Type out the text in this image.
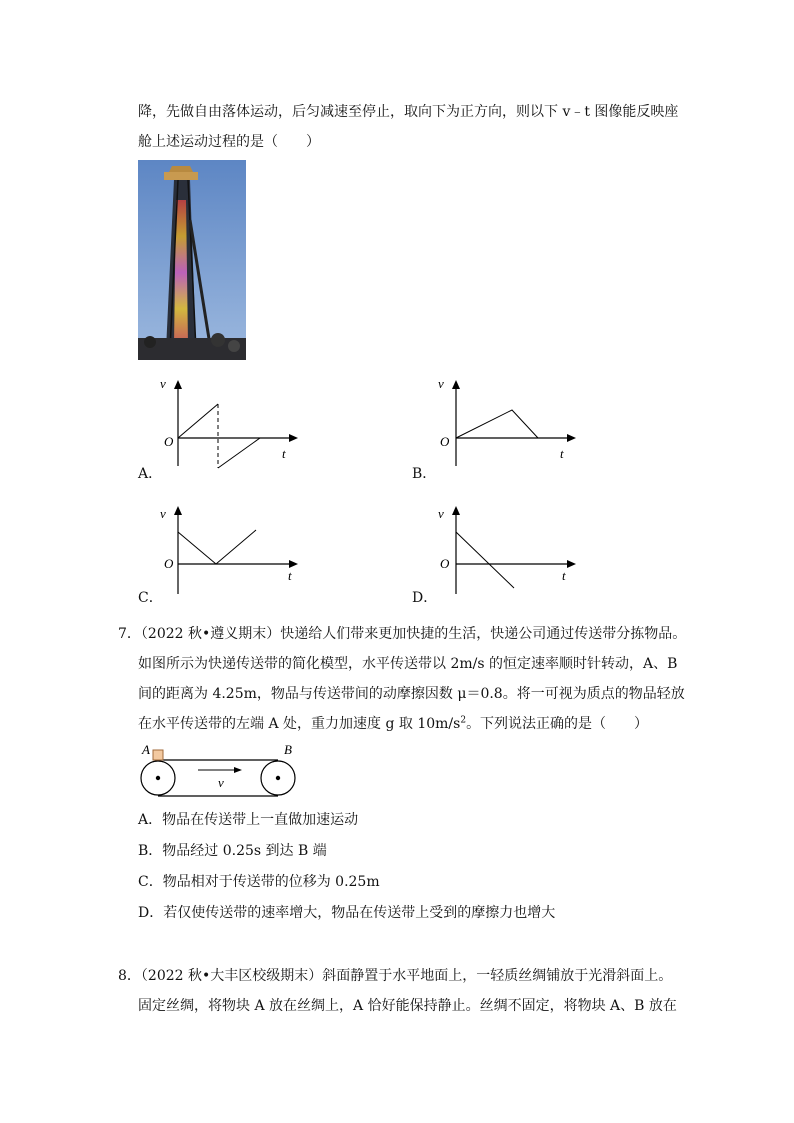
降，先做自由落体运动，后匀减速至停止，取向下为正方向，则以下 v﹣t 图像能反映座
舱上述运动过程的是（　　）
v
O
t
A．
v
O
t
B．
v
O
t
C．
v
O
t
D．
7．（2022 秋•遵义期末）快递给人们带来更加快捷的生活，快递公司通过传送带分拣物品。
如图所示为快递传送带的简化模型，水平传送带以 2m/s 的恒定速率顺时针转动，A、B
间的距离为 4.25m，物品与传送带间的动摩擦因数 μ＝0.8。将一可视为质点的物品轻放
在水平传送带的左端 A 处，重力加速度 g 取 $10m/s^2$。下列说法正确的是（　　）
A	B
v
A．物品在传送带上一直做加速运动
B．物品经过 0.25s 到达 B 端
C．物品相对于传送带的位移为 0.25m
D．若仅使传送带的速率增大，物品在传送带上受到的摩擦力也增大
8．（2022 秋•大丰区校级期末）斜面静置于水平地面上，一轻质丝绸铺放于光滑斜面上。
固定丝绸，将物块 A 放在丝绸上，A 恰好能保持静止。丝绸不固定，将物块 A、B 放在
